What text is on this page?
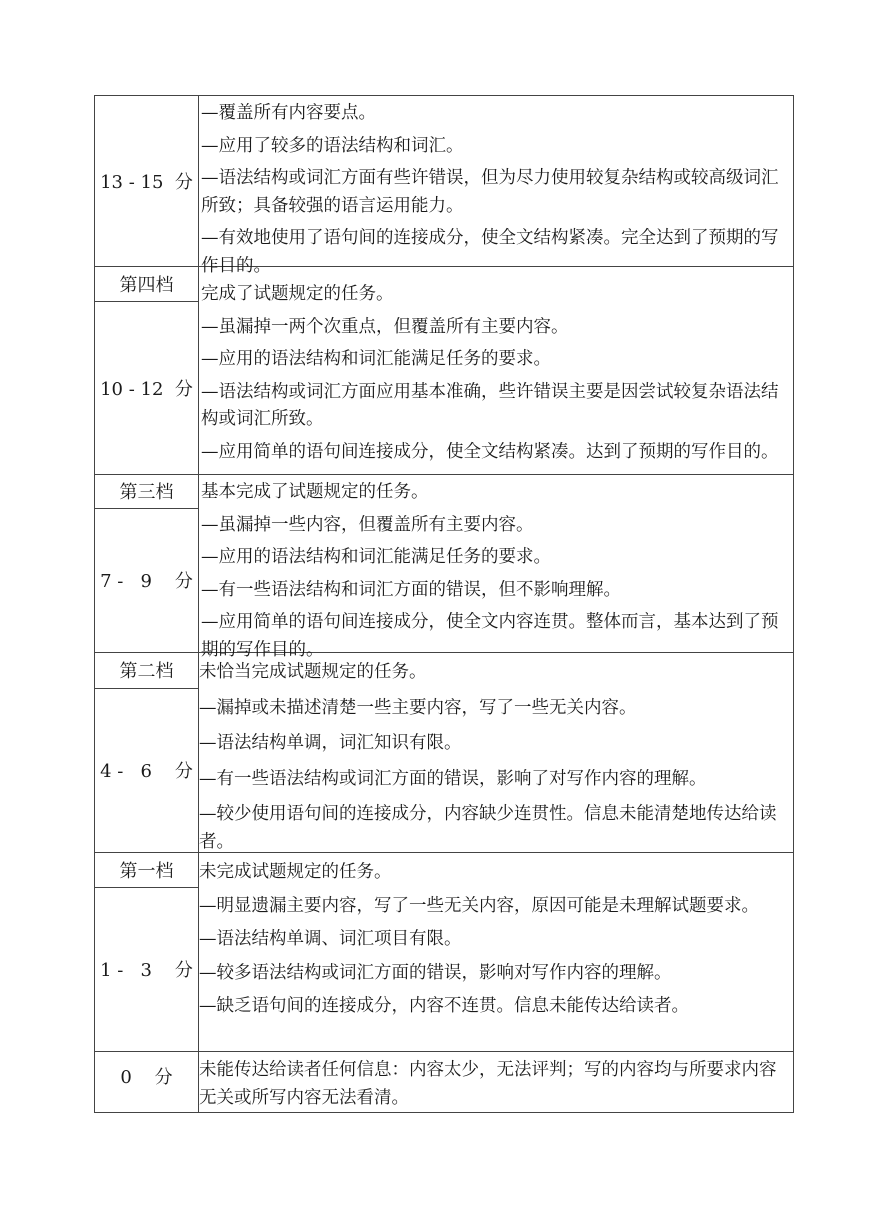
13 - 15  分

—覆盖所有内容要点。

—应用了较多的语法结构和词汇。

—语法结构或词汇方面有些许错误，但为尽力使用较复杂结构或较高级词汇所致；具备较强的语言运用能力。

—有效地使用了语句间的连接成分，使全文结构紧凑。完全达到了预期的写作目的。

第四档
10 - 12  分

完成了试题规定的任务。

—虽漏掉一两个次重点，但覆盖所有主要内容。

—应用的语法结构和词汇能满足任务的要求。

—语法结构或词汇方面应用基本准确，些许错误主要是因尝试较复杂语法结构或词汇所致。

—应用简单的语句间连接成分，使全文结构紧凑。达到了预期的写作目的。

第三档
7 -   9    分

基本完成了试题规定的任务。

—虽漏掉一些内容，但覆盖所有主要内容。

—应用的语法结构和词汇能满足任务的要求。

—有一些语法结构和词汇方面的错误，但不影响理解。

—应用简单的语句间连接成分，使全文内容连贯。整体而言，基本达到了预期的写作目的。

第二档
4 -   6    分

未恰当完成试题规定的任务。

—漏掉或未描述清楚一些主要内容，写了一些无关内容。

—语法结构单调，词汇知识有限。

—有一些语法结构或词汇方面的错误，影响了对写作内容的理解。

—较少使用语句间的连接成分，内容缺少连贯性。信息未能清楚地传达给读者。

第一档
1 -   3    分

未完成试题规定的任务。

—明显遗漏主要内容，写了一些无关内容，原因可能是未理解试题要求。

—语法结构单调、词汇项目有限。

—较多语法结构或词汇方面的错误，影响对写作内容的理解。

—缺乏语句间的连接成分，内容不连贯。信息未能传达给读者。

0    分	未能传达给读者任何信息：内容太少，无法评判；写的内容均与所要求内容无关或所写内容无法看清。
